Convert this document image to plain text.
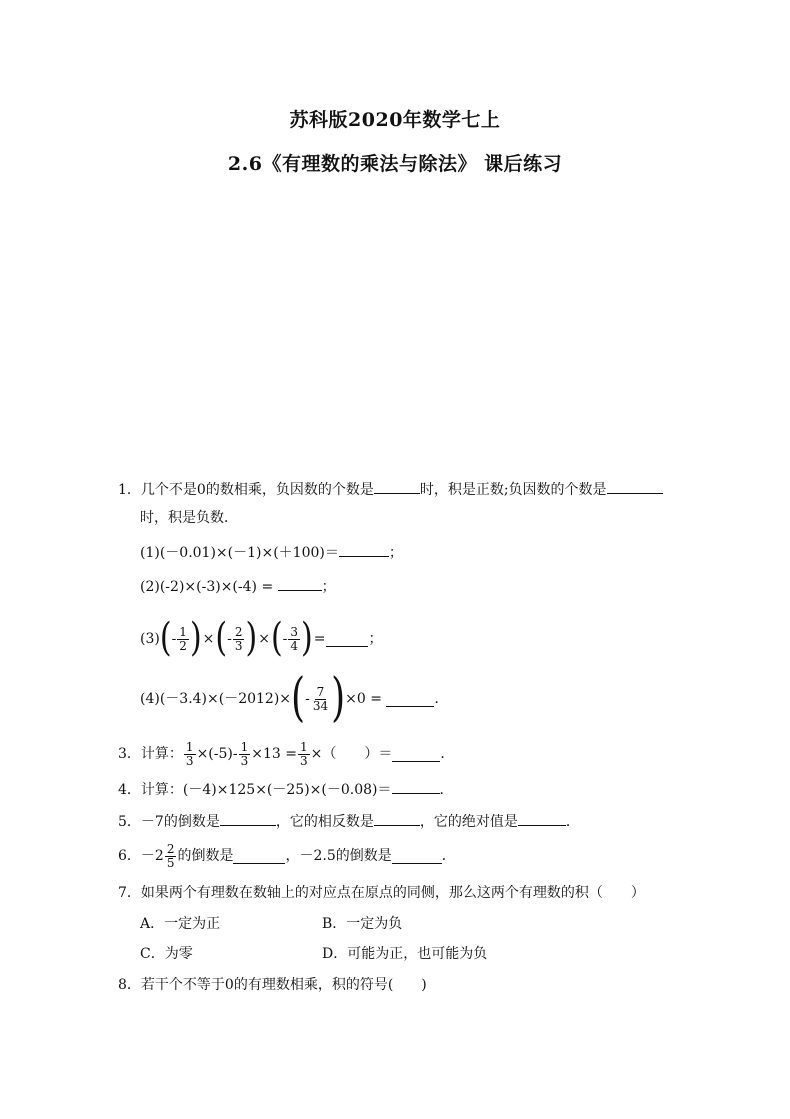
苏科版2020年数学七上
2.6《有理数的乘法与除法》 课后练习
1．几个不是0的数相乘，负因数的个数是	时，积是正数;负因数的个数是
时，积是负数．
(1)(－0.01)×(－1)×(＋100)＝	；
(2)(-2)×(-3)×(-4) =	；
(3) ( - $\frac{1}{2}$ ) × ( - $\frac{2}{3}$ ) × ( - $\frac{3}{4}$ ) =	；
(4)(－3.4)×(－2012)× ( - $\frac{7}{34}$ ) ×0 =
	．
3．计算： $\frac{1}{3} \times(-5)- \frac{1}{3} \times 13 = \frac{1}{3}$ ×（　　）＝	．
4．计算：(－4)×125×(－25)×(－0.08)＝	．
5．－7的倒数是	，它的相反数是	，它的绝对值是	．
6．$-2 \frac{2}{5}$ 的倒数是	，－2.5的倒数是	．
7．如果两个有理数在数轴上的对应点在原点的同侧，那么这两个有理数的积（　　）
A．一定为正	B．一定为负
C．为零	D．可能为正，也可能为负
8．若干个不等于0的有理数相乘，积的符号(　　)
